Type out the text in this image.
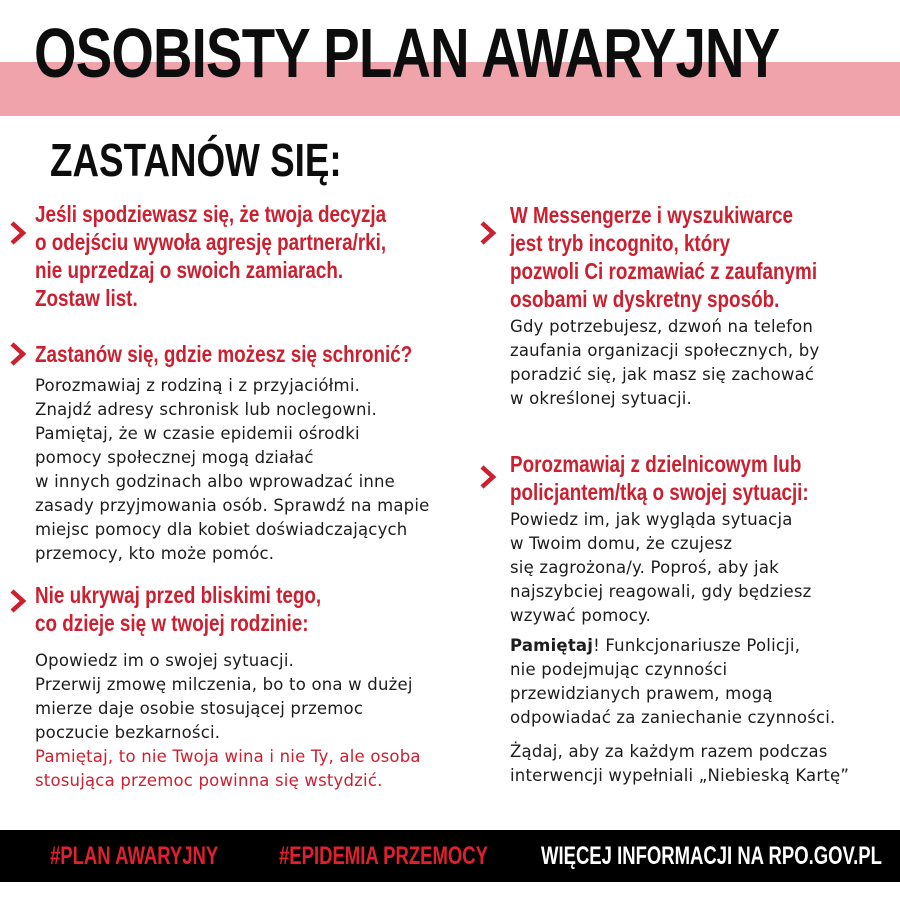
OSOBISTY PLAN AWARYJNY
ZASTANÓW SIĘ:
Jeśli spodziewasz się, że twoja decyzja
o odejściu wywoła agresję partnera/rki,
nie uprzedzaj o swoich zamiarach.
Zostaw list.
Zastanów się, gdzie możesz się schronić?
Porozmawiaj z rodziną i z przyjaciółmi.
Znajdź adresy schronisk lub noclegowni.
Pamiętaj, że w czasie epidemii ośrodki
pomocy społecznej mogą działać
w innych godzinach albo wprowadzać inne
zasady przyjmowania osób. Sprawdź na mapie
miejsc pomocy dla kobiet doświadczających
przemocy, kto może pomóc.
Nie ukrywaj przed bliskimi tego,
co dzieje się w twojej rodzinie:
Opowiedz im o swojej sytuacji.
Przerwij zmowę milczenia, bo to ona w dużej
mierze daje osobie stosującej przemoc
poczucie bezkarności.
Pamiętaj, to nie Twoja wina i nie Ty, ale osoba
stosująca przemoc powinna się wstydzić.
W Messengerze i wyszukiwarce
jest tryb incognito, który
pozwoli Ci rozmawiać z zaufanymi
osobami w dyskretny sposób.
Gdy potrzebujesz, dzwoń na telefon
zaufania organizacji społecznych, by
poradzić się, jak masz się zachować
w określonej sytuacji.
Porozmawiaj z dzielnicowym lub
policjantem/tką o swojej sytuacji:
Powiedz im, jak wygląda sytuacja
w Twoim domu, że czujesz
się zagrożona/y. Poproś, aby jak
najszybciej reagowali, gdy będziesz
wzywać pomocy.
Pamiętaj! Funkcjonariusze Policji,
nie podejmując czynności
przewidzianych prawem, mogą
odpowiadać za zaniechanie czynności.
Żądaj, aby za każdym razem podczas
interwencji wypełniali „Niebieską Kartę”
#PLAN AWARYJNY #EPIDEMIA PRZEMOCY WIĘCEJ INFORMACJI NA RPO.GOV.PL
